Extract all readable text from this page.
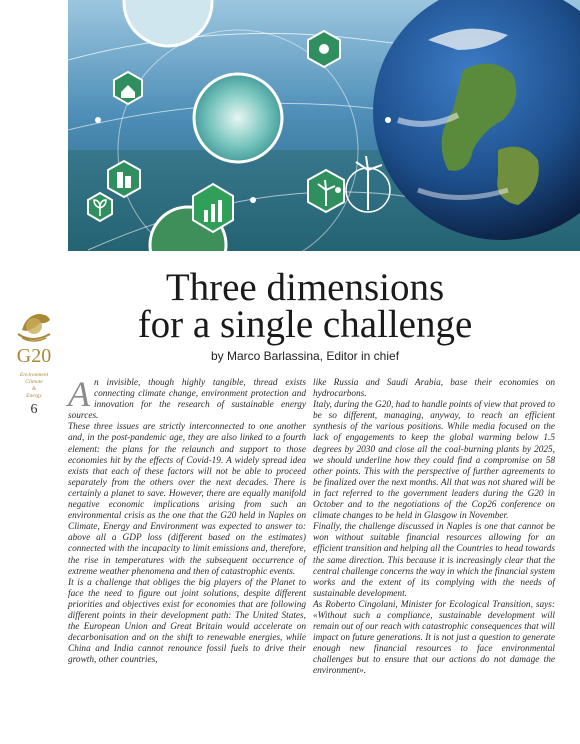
Three dimensions
for a single challenge
by Marco Barlassina, Editor in chief
G20
Environment
Climate
&
Energy
6 An invisible, though highly tangible, thread exists connecting climate change, environment protection and innovation for the research of sustainable energy sources.

These three issues are strictly interconnected to one another and, in the post-pandemic age, they are also linked to a fourth element: the plans for the relaunch and support to those economies hit by the effects of Covid-19. A widely spread idea exists that each of these factors will not be able to proceed separately from the others over the next decades. There is certainly a planet to save. However, there are equally manifold negative economic implications arising from such an environmental crisis as the one that the G20 held in Naples on Climate, Energy and Environment was expected to answer to: above all a GDP loss (different based on the estimates) connected with the incapacity to limit emissions and, therefore, the rise in temperatures with the subsequent occurrence of extreme weather phenomena and then of catastrophic events.

It is a challenge that obliges the big players of the Planet to face the need to figure out joint solutions, despite different priorities and objectives exist for economies that are following different points in their development path: The United States, the European Union and Great Britain would accelerate on decarbonisation and on the shift to renewable energies, while China and India cannot renounce fossil fuels to drive their growth, other countries,

like Russia and Saudi Arabia, base their economies on hydrocarbons.

Italy, during the G20, had to handle points of view that proved to be so different, managing, anyway, to reach an efficient synthesis of the various positions. While media focused on the lack of engagements to keep the global warming below 1.5 degrees by 2030 and close all the coal-burning plants by 2025, we should underline how they could find a compromise on 58 other points. This with the perspective of further agreements to be finalized over the next months. All that was not shared will be in fact referred to the government leaders during the G20 in October and to the negotiations of the Cop26 conference on climate changes to be held in Glasgow in November.

Finally, the challenge discussed in Naples is one that cannot be won without suitable financial resources allowing for an efficient transition and helping all the Countries to head towards the same direction. This because it is increasingly clear that the central challenge concerns the way in which the financial system works and the extent of its complying with the needs of sustainable development.

As Roberto Cingolani, Minister for Ecological Transition, says: «Without such a compliance, sustainable development will remain out of our reach with catastrophic consequences that will impact on future generations. It is not just a question to generate enough new financial resources to face environmental challenges but to ensure that our actions do not damage the environment».
